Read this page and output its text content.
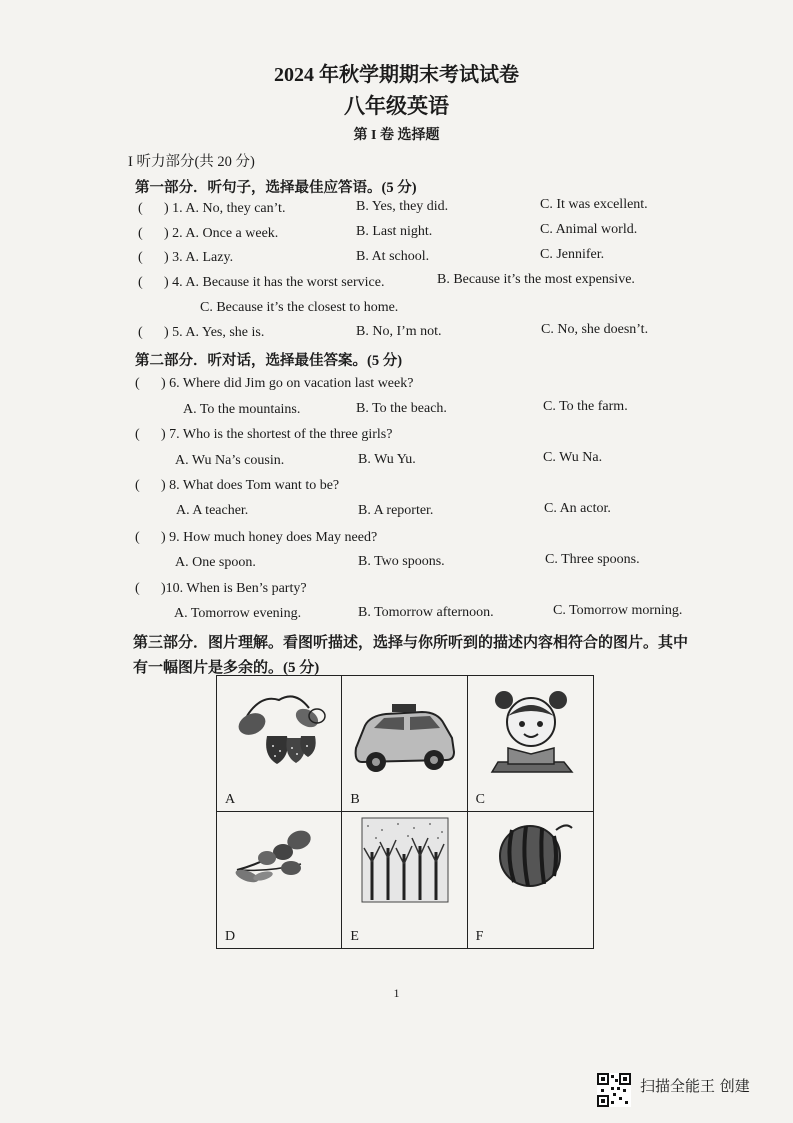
2024 年秋学期期末考试试卷
八年级英语
第 I 卷 选择题
I 听力部分(共 20 分)
第一部分．听句子，选择最佳应答语。(5 分)
( ) 1. A. No, they can’t.	B. Yes, they did.	C. It was excellent.
( ) 2. A. Once a week.	B. Last night.	C. Animal world.
( ) 3. A. Lazy.	B. At school.	C. Jennifer.
( ) 4. A. Because it has the worst service.	B. Because it’s the most expensive.
C. Because it’s the closest to home.
( ) 5. A. Yes, she is.	B. No, I’m not.	C. No, she doesn’t.
第二部分．听对话，选择最佳答案。(5 分)
( ) 6. Where did Jim go on vacation last week?
A. To the mountains.	B. To the beach.	C. To the farm.
( ) 7. Who is the shortest of the three girls?
A. Wu Na’s cousin.	B. Wu Yu.	C. Wu Na.
( ) 8. What does Tom want to be?
A. A teacher.	B. A reporter.	C. An actor.
( ) 9. How much honey does May need?
A. One spoon.	B. Two spoons.	C. Three spoons.
( )10. When is Ben’s party?
A. Tomorrow evening.	B. Tomorrow afternoon.	C. Tomorrow morning.
第三部分．图片理解。看图听描述，选择与你所听到的描述内容相符合的图片。其中
有一幅图片是多余的。(5 分)
A	B	C
D	E	F
1
扫描全能王 创建
